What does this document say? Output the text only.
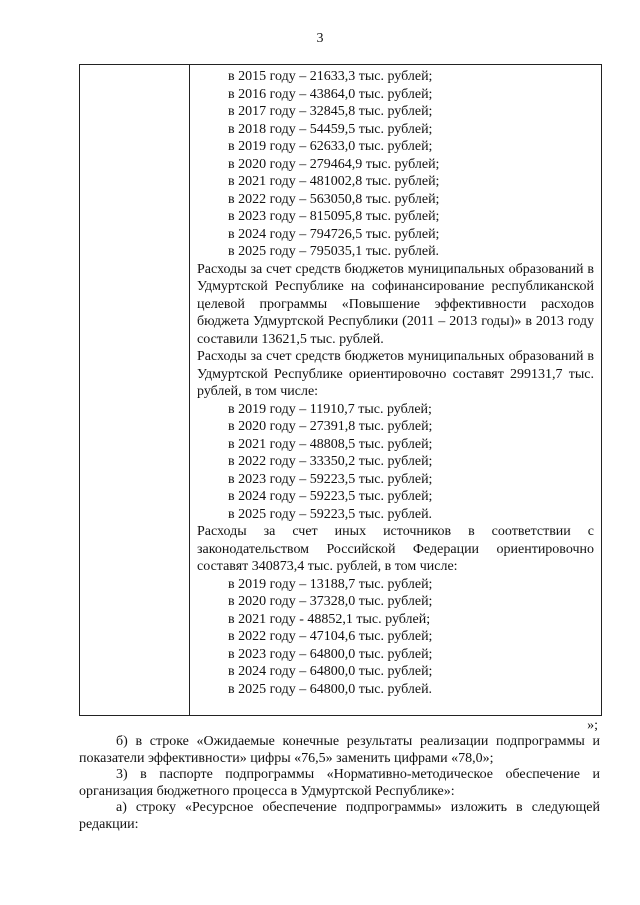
3
в 2015 году – 21633,3 тыс. рублей;
в 2016 году – 43864,0 тыс. рублей;
в 2017 году – 32845,8 тыс. рублей;
в 2018 году – 54459,5 тыс. рублей;
в 2019 году – 62633,0 тыс. рублей;
в 2020 году – 279464,9 тыс. рублей;
в 2021 году – 481002,8 тыс. рублей;
в 2022 году – 563050,8 тыс. рублей;
в 2023 году – 815095,8 тыс. рублей;
в 2024 году – 794726,5 тыс. рублей;
в 2025 году – 795035,1 тыс. рублей.
Расходы за счет средств бюджетов муниципальных образований в Удмуртской Республике на софинансирование республиканской целевой программы «Повышение эффективности расходов бюджета Удмуртской Республики (2011 – 2013 годы)» в 2013 году составили 13621,5 тыс. рублей.
Расходы за счет средств бюджетов муниципальных образований в Удмуртской Республике ориентировочно составят 299131,7 тыс. рублей, в том числе:
в 2019 году – 11910,7 тыс. рублей;
в 2020 году – 27391,8 тыс. рублей;
в 2021 году – 48808,5 тыс. рублей;
в 2022 году – 33350,2 тыс. рублей;
в 2023 году – 59223,5 тыс. рублей;
в 2024 году – 59223,5 тыс. рублей;
в 2025 году – 59223,5 тыс. рублей.
Расходы за счет иных источников в соответствии с законодательством Российской Федерации ориентировочно составят 340873,4 тыс. рублей, в том числе:
в 2019 году – 13188,7 тыс. рублей;
в 2020 году – 37328,0 тыс. рублей;
в 2021 году - 48852,1 тыс. рублей;
в 2022 году – 47104,6 тыс. рублей;
в 2023 году – 64800,0 тыс. рублей;
в 2024 году – 64800,0 тыс. рублей;
в 2025 году – 64800,0 тыс. рублей.
»;

б) в строке «Ожидаемые конечные результаты реализации подпрограммы и показатели эффективности» цифры «76,5» заменить цифрами «78,0»;

3) в паспорте подпрограммы «Нормативно-методическое обеспечение и организация бюджетного процесса в Удмуртской Республике»:

а) строку «Ресурсное обеспечение подпрограммы» изложить в следующей редакции:
